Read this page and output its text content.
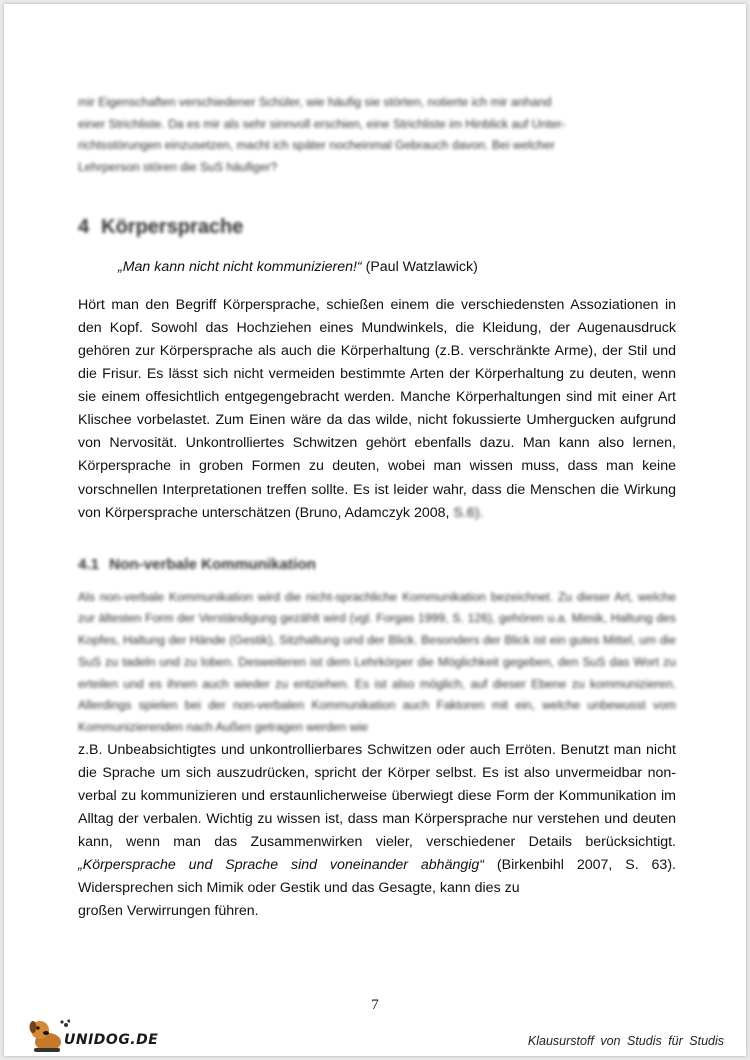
mir Eigenschaften verschiedener Schüler, wie häufig sie störten, notierte ich mir anhand

einer Strichliste. Da es mir als sehr sinnvoll erschien, eine Strichliste im Hinblick auf Unter-

richtsstörungen einzusetzen, macht ich später nocheinmal Gebrauch davon. Bei welcher

Lehrperson stören die SuS häufiger?

4 Körpersprache

„Man kann nicht nicht kommunizieren!“ (Paul Watzlawick)

Hört man den Begriff Körpersprache, schießen einem die verschiedensten Assoziationen in den Kopf. Sowohl das Hochziehen eines Mundwinkels, die Kleidung, der Augenausdruck gehören zur Körpersprache als auch die Körperhaltung (z.B. verschränkte Arme), der Stil und die Frisur. Es lässt sich nicht vermeiden bestimmte Arten der Körperhaltung zu deuten, wenn sie einem offesichtlich entgegengebracht werden. Manche Körperhaltungen sind mit einer Art Klischee vorbelastet. Zum Einen wäre da das wilde, nicht fokussierte Umhergucken aufgrund von Nervosität. Unkontrolliertes Schwitzen gehört ebenfalls dazu. Man kann also lernen, Körpersprache in groben Formen zu deuten, wobei man wissen muss, dass man keine vorschnellen Interpretationen treffen sollte. Es ist leider wahr, dass die Menschen die Wirkung von Körpersprache unterschätzen (Bruno, Adamczyk 2008, S.6).

4.1 Non-verbale Kommunikation

Als non-verbale Kommunikation wird die nicht-sprachliche Kommunikation bezeichnet. Zu dieser Art, welche zur ältesten Form der Verständigung gezählt wird (vgl. Forgas 1999, S. 126), gehören u.a. Mimik, Haltung des Kopfes, Haltung der Hände (Gestik), Sitzhaltung und der Blick. Besonders der Blick ist ein gutes Mittel, um die SuS zu tadeln und zu loben. Desweiteren ist dem Lehrkörper die Möglichkeit gegeben, den SuS das Wort zu erteilen und es ihnen auch wieder zu entziehen. Es ist also möglich, auf dieser Ebene zu kommunizieren. Allerdings spielen bei der non-verbalen Kommunikation auch Faktoren mit ein, welche unbewusst vom Kommunizierenden nach Außen getragen werden wie

z.B. Unbeabsichtigtes und unkontrollierbares Schwitzen oder auch Erröten. Benutzt man nicht die Sprache um sich auszudrücken, spricht der Körper selbst. Es ist also unvermeidbar non-verbal zu kommunizieren und erstaunlicherweise überwiegt diese Form der Kommunikation im Alltag der verbalen. Wichtig zu wissen ist, dass man Körpersprache nur verstehen und deuten kann, wenn man das Zusammenwirken vieler, verschiedener Details berücksichtigt. „Körpersprache und Sprache sind voneinander abhängig“ (Birkenbihl 2007, S. 63). Widersprechen sich Mimik oder Gestik und das Gesagte, kann dies zu

großen Verwirrungen führen.

7
UNIDOG.DE	Klausurstoff von Studis für Studis
